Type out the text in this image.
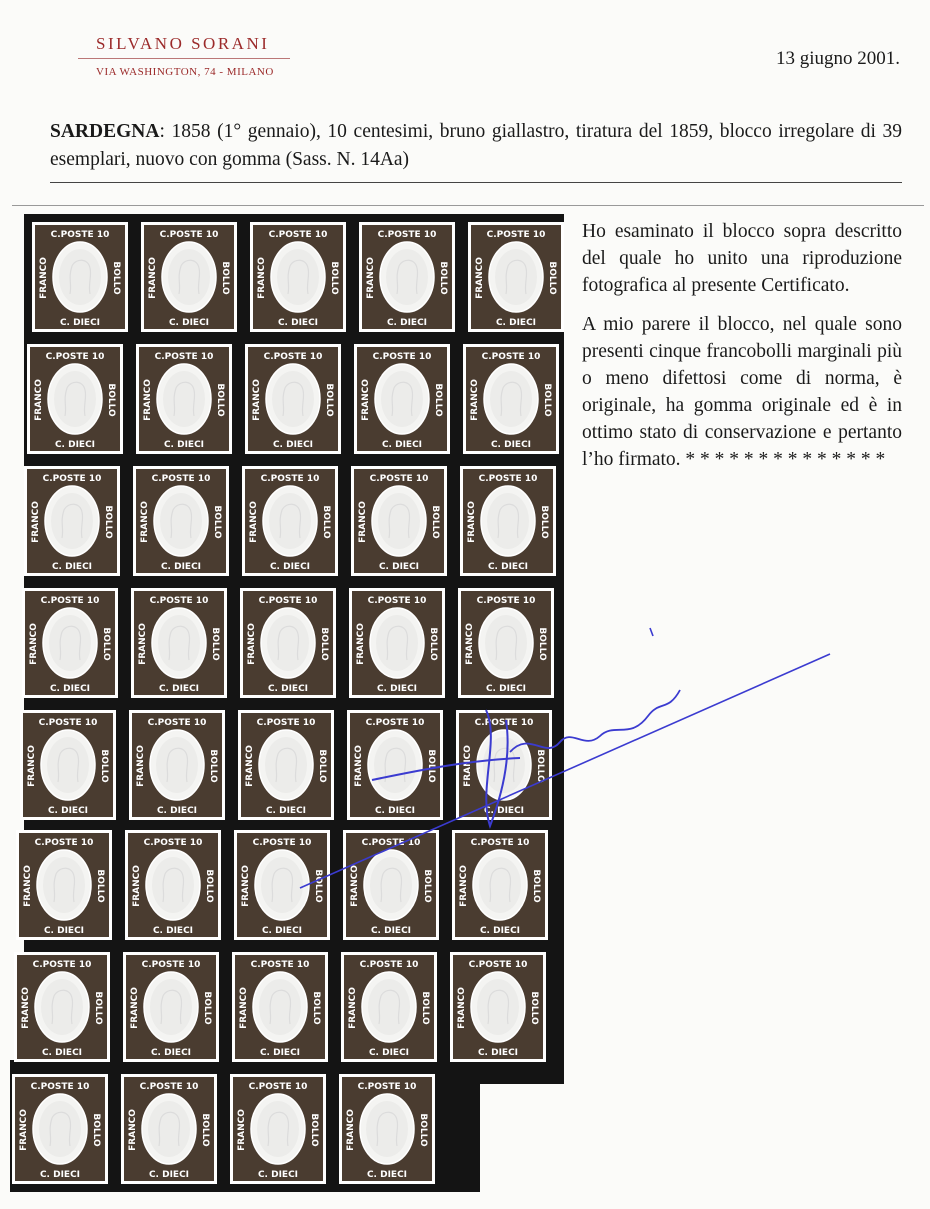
SILVANO SORANI
VIA WASHINGTON, 74 - MILANO
13 giugno 2001.
SARDEGNA: 1858 (1° gennaio), 10 centesimi, bruno giallastro, tiratura del 1859, blocco irregolare di 39 esemplari, nuovo con gomma (Sass. N. 14Aa)
C.POSTE 10
C. DIECI
FRANCO	BOLLO
C.POSTE 10
C. DIECI
FRANCO	BOLLO
C.POSTE 10
C. DIECI
FRANCO	BOLLO
C.POSTE 10
C. DIECI
FRANCO	BOLLO
C.POSTE 10
C. DIECI
FRANCO	BOLLO
C.POSTE 10
C. DIECI
FRANCO	BOLLO
C.POSTE 10
C. DIECI
FRANCO	BOLLO
C.POSTE 10
C. DIECI
FRANCO	BOLLO
C.POSTE 10
C. DIECI
FRANCO	BOLLO
C.POSTE 10
C. DIECI
FRANCO	BOLLO
C.POSTE 10
C. DIECI
FRANCO	BOLLO
C.POSTE 10
C. DIECI
FRANCO	BOLLO
C.POSTE 10
C. DIECI
FRANCO	BOLLO
C.POSTE 10
C. DIECI
FRANCO	BOLLO
C.POSTE 10
C. DIECI
FRANCO	BOLLO
C.POSTE 10
C. DIECI
FRANCO	BOLLO
C.POSTE 10
C. DIECI
FRANCO	BOLLO
C.POSTE 10
C. DIECI
FRANCO	BOLLO
C.POSTE 10
C. DIECI
FRANCO	BOLLO
C.POSTE 10
C. DIECI
FRANCO	BOLLO
C.POSTE 10
C. DIECI
FRANCO	BOLLO
C.POSTE 10
C. DIECI
FRANCO	BOLLO
C.POSTE 10
C. DIECI
FRANCO	BOLLO
C.POSTE 10
C. DIECI
FRANCO	BOLLO
C.POSTE 10
C. DIECI
FRANCO	BOLLO
C.POSTE 10
C. DIECI
FRANCO	BOLLO
C.POSTE 10
C. DIECI
FRANCO	BOLLO
C.POSTE 10
C. DIECI
FRANCO	BOLLO
C.POSTE 10
C. DIECI
FRANCO	BOLLO
C.POSTE 10
C. DIECI
FRANCO	BOLLO
C.POSTE 10
C. DIECI
FRANCO	BOLLO
C.POSTE 10
C. DIECI
FRANCO	BOLLO
C.POSTE 10
C. DIECI
FRANCO	BOLLO
C.POSTE 10
C. DIECI
FRANCO	BOLLO
C.POSTE 10
C. DIECI
FRANCO	BOLLO
C.POSTE 10
C. DIECI
FRANCO	BOLLO
C.POSTE 10
C. DIECI
FRANCO	BOLLO
C.POSTE 10
C. DIECI
FRANCO	BOLLO
C.POSTE 10
C. DIECI
FRANCO	BOLLO

Ho esaminato il blocco sopra descritto del quale ho unito una riproduzione fotografica al presente Certificato.

A mio parere il blocco, nel quale sono presenti cinque francobolli marginali più o meno difettosi come di norma, è originale, ha gomma originale ed è in ottimo stato di conservazione e pertanto l’ho firmato. * * * * * * * * * * * * * *
